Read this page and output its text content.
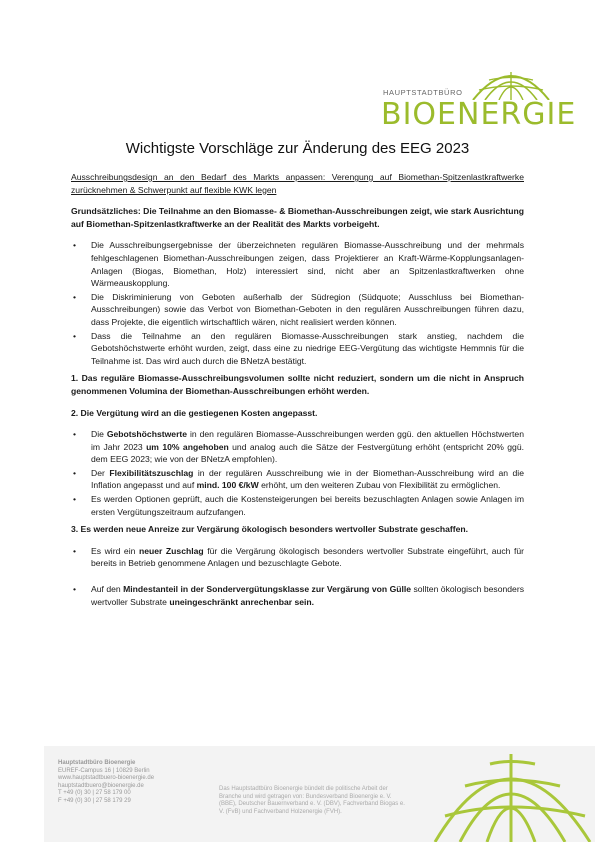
HAUPTSTADTBÜRO
BIOENERGIE
Wichtigste Vorschläge zur Änderung des EEG 2023

Ausschreibungsdesign an den Bedarf des Markts anpassen: Verengung auf Biomethan-Spitzenlastkraftwerke zurücknehmen & Schwerpunkt auf flexible KWK legen

Grundsätzliches: Die Teilnahme an den Biomasse- & Biomethan-Ausschreibungen zeigt, wie stark Ausrichtung auf Biomethan-Spitzenlastkraftwerke an der Realität des Markts vorbeigeht.

• Die Ausschreibungsergebnisse der überzeichneten regulären Biomasse-Ausschreibung und der mehrmals fehlgeschlagenen Biomethan-Ausschreibungen zeigen, dass Projektierer an Kraft-Wärme-Kopplungsanlagen-Anlagen (Biogas, Biomethan, Holz) interessiert sind, nicht aber an Spitzenlastkraftwerken ohne Wärmeauskopplung.
• Die Diskriminierung von Geboten außerhalb der Südregion (Südquote; Ausschluss bei Biomethan-Ausschreibungen) sowie das Verbot von Biomethan-Geboten in den regulären Ausschreibungen führen dazu, dass Projekte, die eigentlich wirtschaftlich wären, nicht realisiert werden können.
• Dass die Teilnahme an den regulären Biomasse-Ausschreibungen stark anstieg, nachdem die Gebotshöchstwerte erhöht wurden, zeigt, dass eine zu niedrige EEG-Vergütung das wichtigste Hemmnis für die Teilnahme ist. Das wird auch durch die BNetzA bestätigt.

1. Das reguläre Biomasse-Ausschreibungsvolumen sollte nicht reduziert, sondern um die nicht in Anspruch genommenen Volumina der Biomethan-Ausschreibungen erhöht werden.

2. Die Vergütung wird an die gestiegenen Kosten angepasst.

• Die Gebotshöchstwerte in den regulären Biomasse-Ausschreibungen werden ggü. den aktuellen Höchstwerten im Jahr 2023 um 10% angehoben und analog auch die Sätze der Festvergütung erhöht (entspricht 20% ggü. dem EEG 2023; wie von der BNetzA empfohlen).
• Der Flexibilitätszuschlag in der regulären Ausschreibung wie in der Biomethan-Ausschreibung wird an die Inflation angepasst und auf mind. 100 €/kW erhöht, um den weiteren Zubau von Flexibilität zu ermöglichen.
• Es werden Optionen geprüft, auch die Kostensteigerungen bei bereits bezuschlagten Anlagen sowie Anlagen im ersten Vergütungszeitraum aufzufangen.

3. Es werden neue Anreize zur Vergärung ökologisch besonders wertvoller Substrate geschaffen.

• Es wird ein neuer Zuschlag für die Vergärung ökologisch besonders wertvoller Substrate eingeführt, auch für bereits in Betrieb genommene Anlagen und bezuschlagte Gebote.
• Auf den Mindestanteil in der Sondervergütungsklasse zur Vergärung von Gülle sollten ökologisch besonders wertvoller Substrate uneingeschränkt anrechenbar sein.
Hauptstadtbüro Bioenergie
EUREF-Campus 16 | 10829 Berlin
www.hauptstadtbuero-bioenergie.de
hauptstadtbuero@bioenergie.de
T +49 (0) 30 | 27 58 179 00
F +49 (0) 30 | 27 58 179 29
Das Hauptstadtbüro Bioenergie bündelt die politische Arbeit der Branche und wird getragen von: Bundesverband Bioenergie e. V. (BBE), Deutscher Bauernverband e. V. (DBV), Fachverband Biogas e. V. (FvB) und Fachverband Holzenergie (FVH).
